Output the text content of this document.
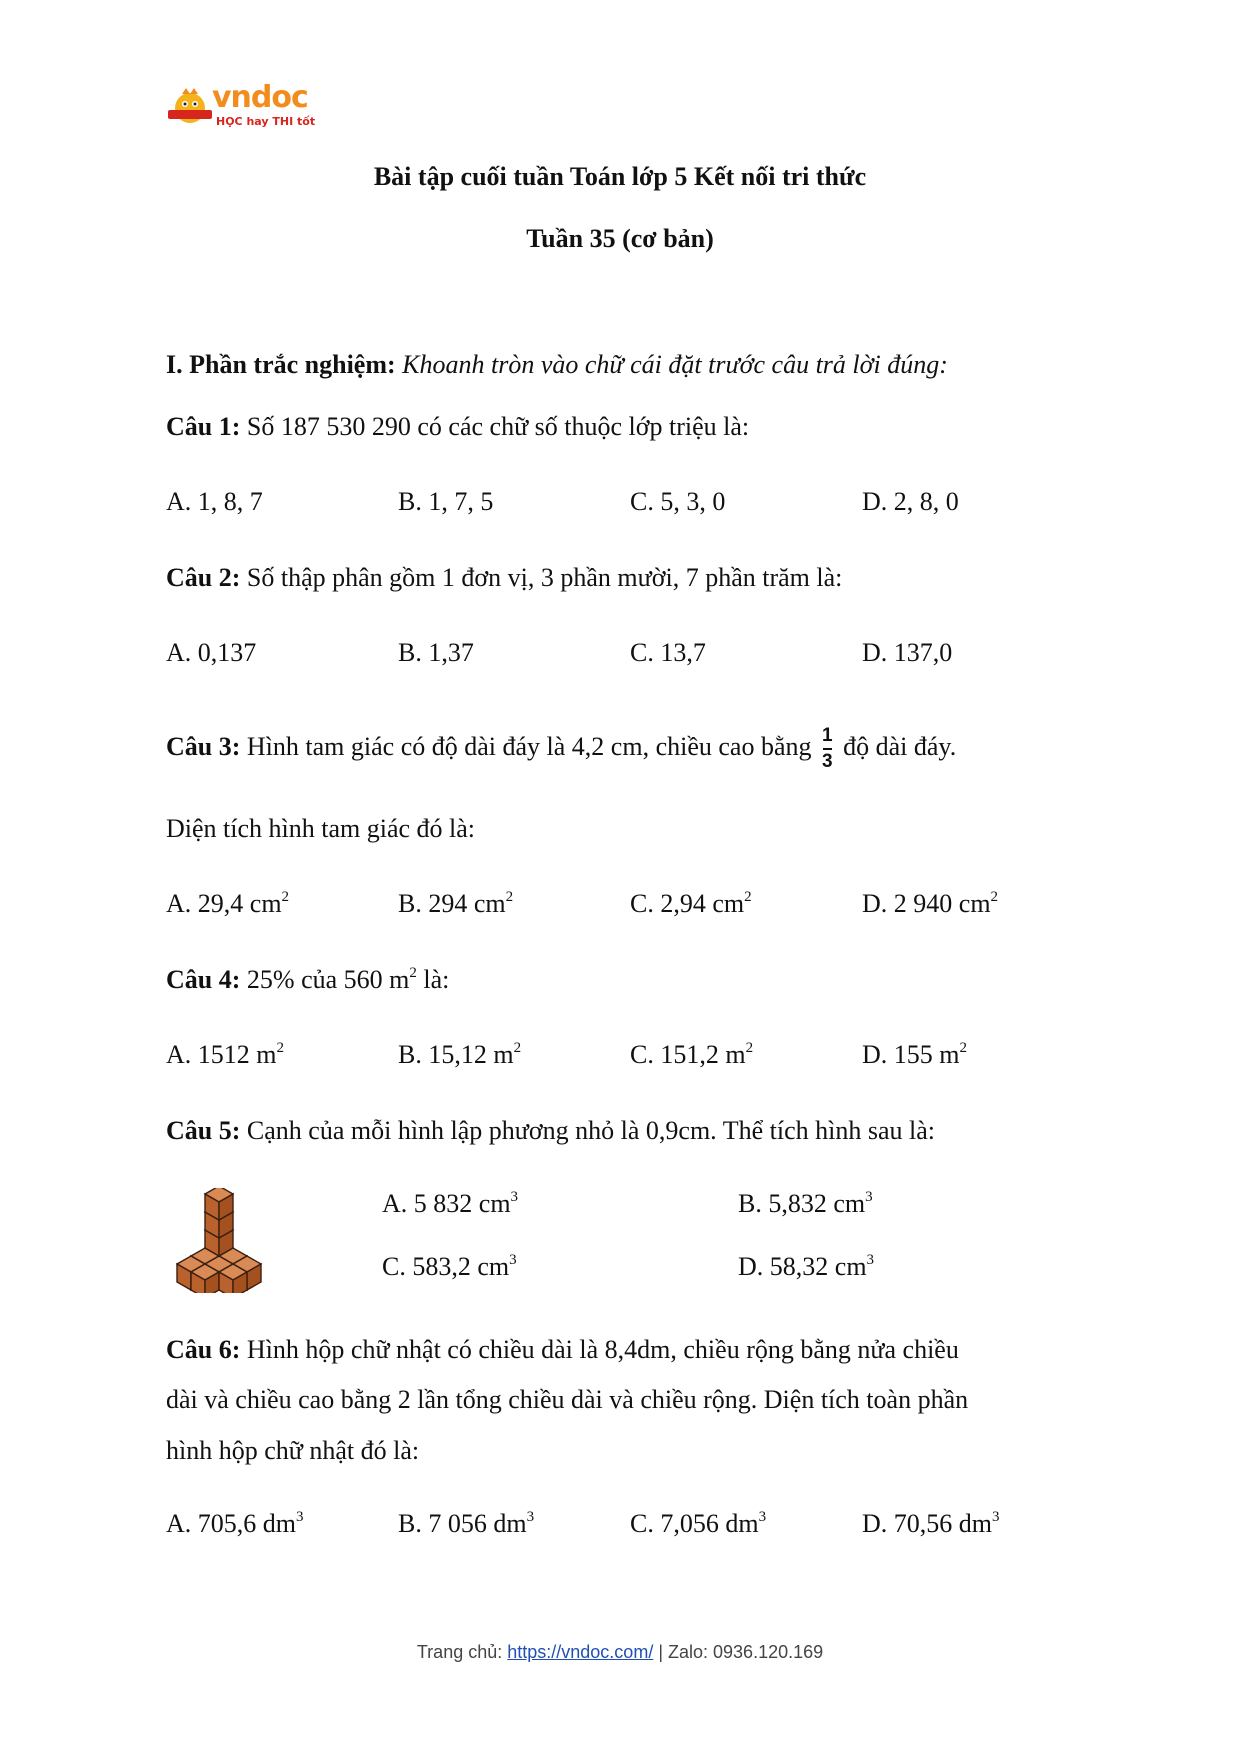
vndoc
HỌC hay THI tốt
Bài tập cuối tuần Toán lớp 5 Kết nối tri thức
Tuần 35 (cơ bản)
I. Phần trắc nghiệm: Khoanh tròn vào chữ cái đặt trước câu trả lời đúng:
Câu 1: Số 187 530 290 có các chữ số thuộc lớp triệu là:
A. 1, 8, 7	B. 1, 7, 5	C. 5, 3, 0	D. 2, 8, 0
Câu 2: Số thập phân gồm 1 đơn vị, 3 phần mười, 7 phần trăm là:
A. 0,137	B. 1,37	C. 13,7	D. 137,0
Câu 3: Hình tam giác có độ dài đáy là 4,2 cm, chiều cao bằng $\frac{1}{3}$ độ dài đáy.
Diện tích hình tam giác đó là:
A. 29,4 $cm^2$	B. 294 $cm^2$	C. 2,94 $cm^2$	D. 2 940 $cm^2$
Câu 4: 25% của 560 $m^2$ là:
A. 1512 $m^2$	B. 15,12 $m^2$	C. 151,2 $m^2$	D. 155 $m^2$
Câu 5: Cạnh của mỗi hình lập phương nhỏ là 0,9cm. Thể tích hình sau là:
A. 5 832 $cm^3$	B. 5,832 $cm^3$
C. 583,2 $cm^3$	D. 58,32 $cm^3$
Câu 6: Hình hộp chữ nhật có chiều dài là 8,4dm, chiều rộng bằng nửa chiều
dài và chiều cao bằng 2 lần tổng chiều dài và chiều rộng. Diện tích toàn phần
hình hộp chữ nhật đó là:
A. 705,6 $dm^3$	B. 7 056 $dm^3$	C. 7,056 $dm^3$	D. 70,56 $dm^3$
Trang chủ: https://vndoc.com/ | Zalo: 0936.120.169
